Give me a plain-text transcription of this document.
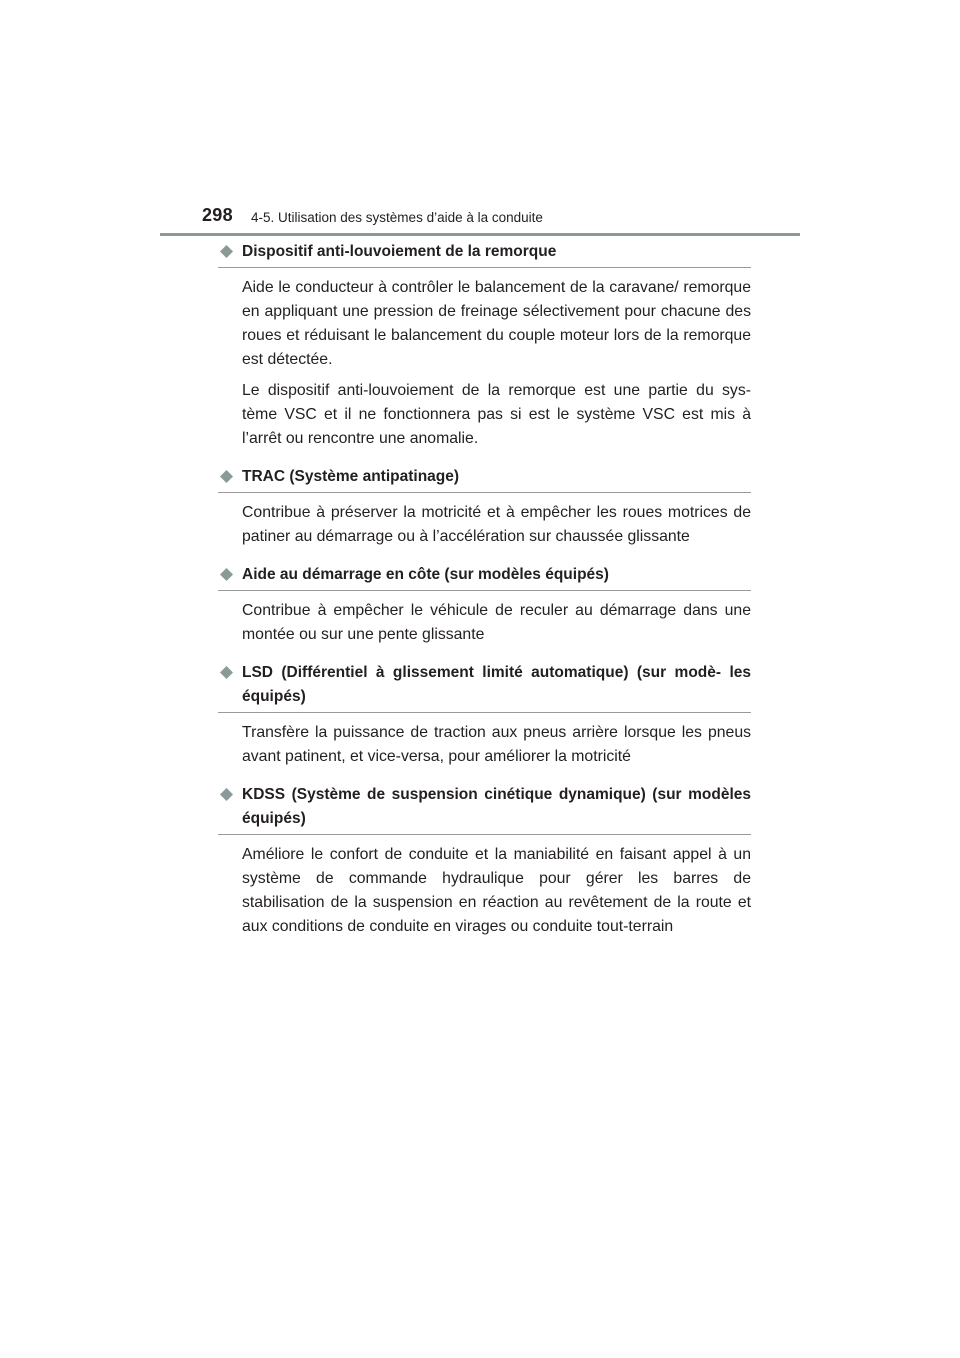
298 4-5. Utilisation des systèmes d’aide à la conduite
Dispositif anti-louvoiement de la remorque

Aide le conducteur à contrôler le balancement de la caravane/ remorque en appliquant une pression de freinage sélectivement pour chacune des roues et réduisant le balancement du couple moteur lors de la remorque est détectée.

Le dispositif anti-louvoiement de la remorque est une partie du sys- tème VSC et il ne fonctionnera pas si est le système VSC est mis à l’arrêt ou rencontre une anomalie.

TRAC (Système antipatinage)

Contribue à préserver la motricité et à empêcher les roues motrices de patiner au démarrage ou à l’accélération sur chaussée glissante

Aide au démarrage en côte (sur modèles équipés)

Contribue à empêcher le véhicule de reculer au démarrage dans une montée ou sur une pente glissante

LSD (Différentiel à glissement limité automatique) (sur modè- les équipés)

Transfère la puissance de traction aux pneus arrière lorsque les pneus avant patinent, et vice-versa, pour améliorer la motricité

KDSS (Système de suspension cinétique dynamique) (sur modèles équipés)

Améliore le confort de conduite et la maniabilité en faisant appel à un système de commande hydraulique pour gérer les barres de stabilisation de la suspension en réaction au revêtement de la route et aux conditions de conduite en virages ou conduite tout-terrain
